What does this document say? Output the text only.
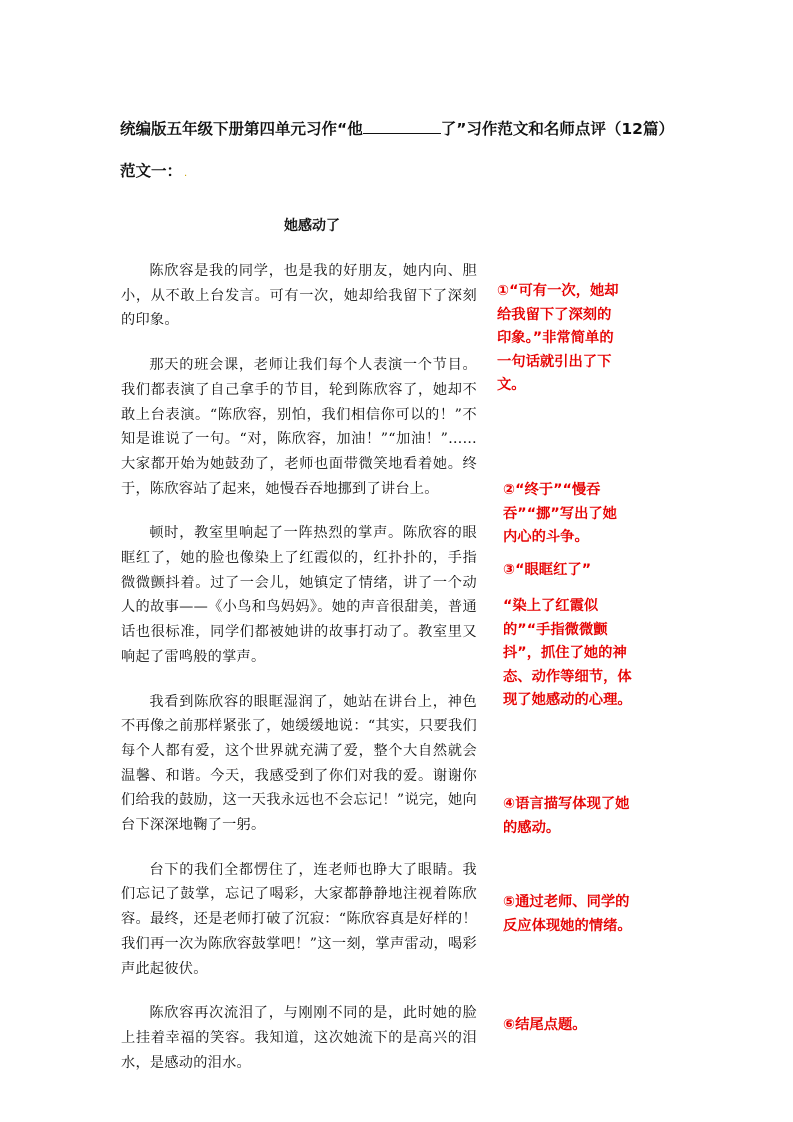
统编版五年级下册第四单元习作“他	了”习作范文和名师点评（12篇）
范文一： .
她感动了

陈欣容是我的同学，也是我的好朋友，她内向、胆小，从不敢上台发言。可有一次，她却给我留下了深刻的印象。

那天的班会课，老师让我们每个人表演一个节目。我们都表演了自己拿手的节目，轮到陈欣容了，她却不敢上台表演。“陈欣容，别怕，我们相信你可以的！”不知是谁说了一句。“对，陈欣容，加油！”“加油！”……大家都开始为她鼓劲了，老师也面带微笑地看着她。终于，陈欣容站了起来，她慢吞吞地挪到了讲台上。

顿时，教室里响起了一阵热烈的掌声。陈欣容的眼眶红了，她的脸也像染上了红霞似的，红扑扑的，手指微微颤抖着。过了一会儿，她镇定了情绪，讲了一个动人的故事——《小鸟和鸟妈妈》。她的声音很甜美，普通话也很标准，同学们都被她讲的故事打动了。教室里又响起了雷鸣般的掌声。

我看到陈欣容的眼眶湿润了，她站在讲台上，神色不再像之前那样紧张了，她缓缓地说：“其实，只要我们每个人都有爱，这个世界就充满了爱，整个大自然就会温馨、和谐。今天，我感受到了你们对我的爱。谢谢你们给我的鼓励，这一天我永远也不会忘记！”说完，她向台下深深地鞠了一躬。

台下的我们全都愣住了，连老师也睁大了眼睛。我们忘记了鼓掌，忘记了喝彩，大家都静静地注视着陈欣容。最终，还是老师打破了沉寂：“陈欣容真是好样的！我们再一次为陈欣容鼓掌吧！”这一刻，掌声雷动，喝彩声此起彼伏。

陈欣容再次流泪了，与刚刚不同的是，此时她的脸上挂着幸福的笑容。我知道，这次她流下的是高兴的泪水，是感动的泪水。

①“可有一次，她却给我留下了深刻的印象。”非常简单的一句话就引出了下文。

②“终于”“慢吞吞”“挪”写出了她内心的斗争。

③“眼眶红了”

“染上了红霞似的”“手指微微颤抖”，抓住了她的神态、动作等细节，体现了她感动的心理。

④语言描写体现了她的感动。

⑤通过老师、同学的反应体现她的情绪。

⑥结尾点题。
